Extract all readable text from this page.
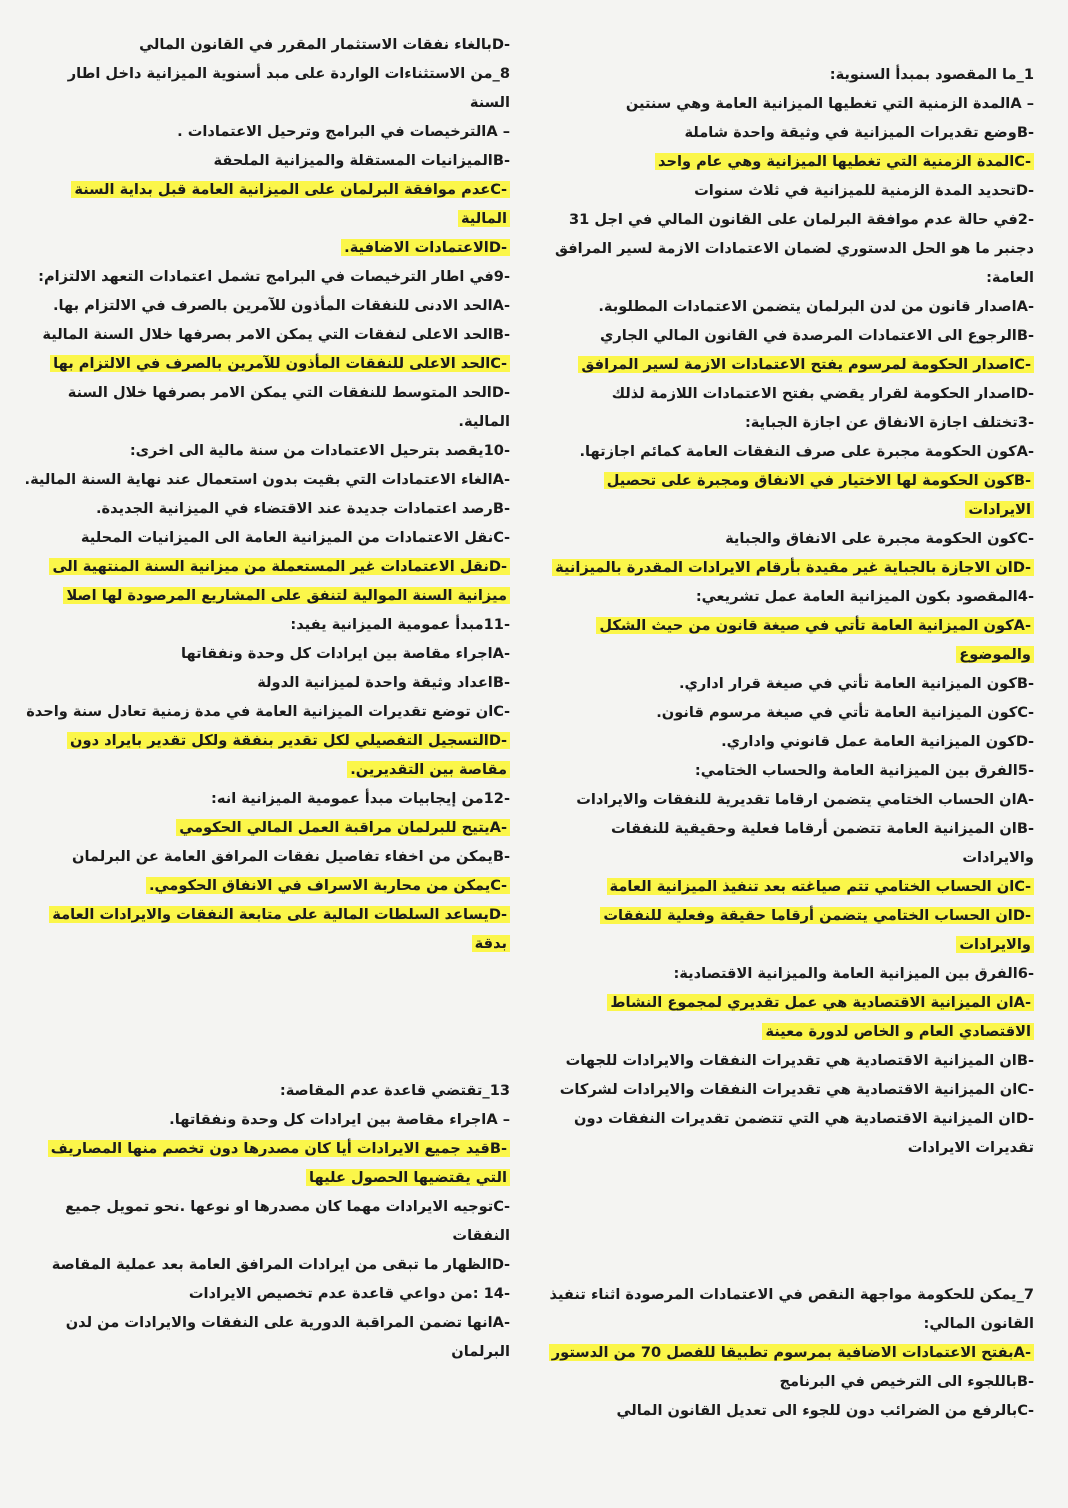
1_ما المقصود بمبدأ السنوية:
– Aالمدة الزمنية التي تغطيها الميزانية العامة وهي سنتين
-Bوضع تقديرات الميزانية في وثيقة واحدة شاملة
-Cالمدة الزمنية التي تغطيها الميزانية وهي عام واحد
-Dتحديد المدة الزمنية للميزانية في ثلاث سنوات
-2في حالة عدم موافقة البرلمان على القانون المالي في اجل 31 دجنبر ما هو الحل الدستوري لضمان الاعتمادات الازمة لسير المرافق العامة:
-Aاصدار قانون من لدن البرلمان يتضمن الاعتمادات المطلوبة.
-Bالرجوع الى الاعتمادات المرصدة في القانون المالي الجاري
-Cاصدار الحكومة لمرسوم يفتح الاعتمادات الازمة لسير المرافق
-Dاصدار الحكومة لقرار يقضي بفتح الاعتمادات اللازمة لذلك
-3تختلف اجازة الانفاق عن اجازة الجباية:
-Aكون الحكومة مجبرة على صرف النفقات العامة كمائم اجازتها.
-Bكون الحكومة لها الاختيار في الانفاق ومجبرة على تحصيل الايرادات
-Cكون الحكومة مجبرة على الانفاق والجباية
-Dان الاجازة بالجباية غير مقيدة بأرقام الايرادات المقدرة بالميزانية
-4المقصود بكون الميزانية العامة عمل تشريعي:
-Aكون الميزانية العامة تأتي في صيغة قانون من حيث الشكل والموضوع
-Bكون الميزانية العامة تأتي في صيغة قرار اداري.
-Cكون الميزانية العامة تأتي في صيغة مرسوم قانون.
-Dكون الميزانية العامة عمل قانوني واداري.
-5الفرق بين الميزانية العامة والحساب الختامي:
-Aان الحساب الختامي يتضمن ارقاما تقديرية للنفقات والايرادات
-Bان الميزانية العامة تتضمن أرقاما فعلية وحقيقية للنفقات والايرادات
-Cان الحساب الختامي تتم صياغته بعد تنفيذ الميزانية العامة
-Dان الحساب الختامي يتضمن أرقاما حقيقة وفعلية للنفقات والايرادات
-6الفرق بين الميزانية العامة والميزانية الاقتصادية:
-Aان الميزانية الاقتصادية هي عمل تقديري لمجموع النشاط الاقتصادي العام و الخاص لدورة معينة
-Bان الميزانية الاقتصادية هي تقديرات النفقات والايرادات للجهات
-Cان الميزانية الاقتصادية هي تقديرات النفقات والايرادات لشركات
-Dان الميزانية الاقتصادية هي التي تتضمن تقديرات النفقات دون تقديرات الايرادات
7_يمكن للحكومة مواجهة النقص في الاعتمادات المرصودة اثناء تنفيذ القانون المالي:
-Aبفتح الاعتمادات الاضافية بمرسوم تطبيقا للفصل 70 من الدستور
-Bباللجوء الى الترخيص في البرنامج
-Cبالرفع من الضرائب دون للجوء الى تعديل القانون المالي
-Dبالغاء نفقات الاستثمار المقرر في القانون المالي
8_من الاستثناءات الواردة على مبد أسنوية الميزانية داخل اطار السنة
– Aالترخيصات في البرامج وترحيل الاعتمادات .
-Bالميزانيات المستقلة والميزانية الملحقة
-Cعدم موافقة البرلمان على الميزانية العامة قبل بداية السنة المالية
-Dالاعتمادات الاضافية.
-9في اطار الترخيصات في البرامج تشمل اعتمادات التعهد الالتزام:
-Aالحد الادنى للنفقات المأذون للآمرين بالصرف في الالتزام بها.
-Bالحد الاعلى لنفقات التي يمكن الامر بصرفها خلال السنة المالية
-Cالحد الاعلى للنفقات المأذون للآمرين بالصرف في الالتزام بها
-Dالحد المتوسط للنفقات التي يمكن الامر بصرفها خلال السنة المالية.
-10يقصد بترحيل الاعتمادات من سنة مالية الى اخرى:
-Aالغاء الاعتمادات التي بقيت بدون استعمال عند نهاية السنة المالية.
-Bرصد اعتمادات جديدة عند الاقتضاء في الميزانية الجديدة.
-Cنقل الاعتمادات من الميزانية العامة الى الميزانيات المحلية
-Dنقل الاعتمادات غير المستعملة من ميزانية السنة المنتهية الى ميزانية السنة الموالية لتنفق على المشاريع المرصودة لها اصلا
-11مبدأ عمومية الميزانية يفيد:
-Aاجراء مقاصة بين ايرادات كل وحدة ونفقاتها
-Bاعداد وثيقة واحدة لميزانية الدولة
-Cان توضع تقديرات الميزانية العامة في مدة زمنية تعادل سنة واحدة
-Dالتسجيل التفصيلي لكل تقدير بنفقة ولكل تقدير بايراد دون مقاصة بين التقديرين.
-12من إيجابيات مبدأ عمومية الميزانية انه:
-Aيتيح للبرلمان مراقبة العمل المالي الحكومي
-Bيمكن من اخفاء تفاصيل نفقات المرافق العامة عن البرلمان
-Cيمكن من محاربة الاسراف في الانفاق الحكومي.
-Dيساعد السلطات المالية على متابعة النفقات والايرادات العامة بدقة
13_تقتضي قاعدة عدم المقاصة:
– Aاجراء مقاصة بين ايرادات كل وحدة ونفقاتها.
-Bقيد جميع الايرادات أيا كان مصدرها دون تخصم منها المصاريف التي يقتضيها الحصول عليها
-Cتوجيه الايرادات مهما كان مصدرها او نوعها .نحو تمويل جميع النفقات
-Dالظهار ما تبقى من ايرادات المرافق العامة بعد عملية المقاصة
-14 :من دواعي قاعدة عدم تخصيص الايرادات
-Aانها تضمن المراقبة الدورية على النفقات والايرادات من لدن البرلمان
